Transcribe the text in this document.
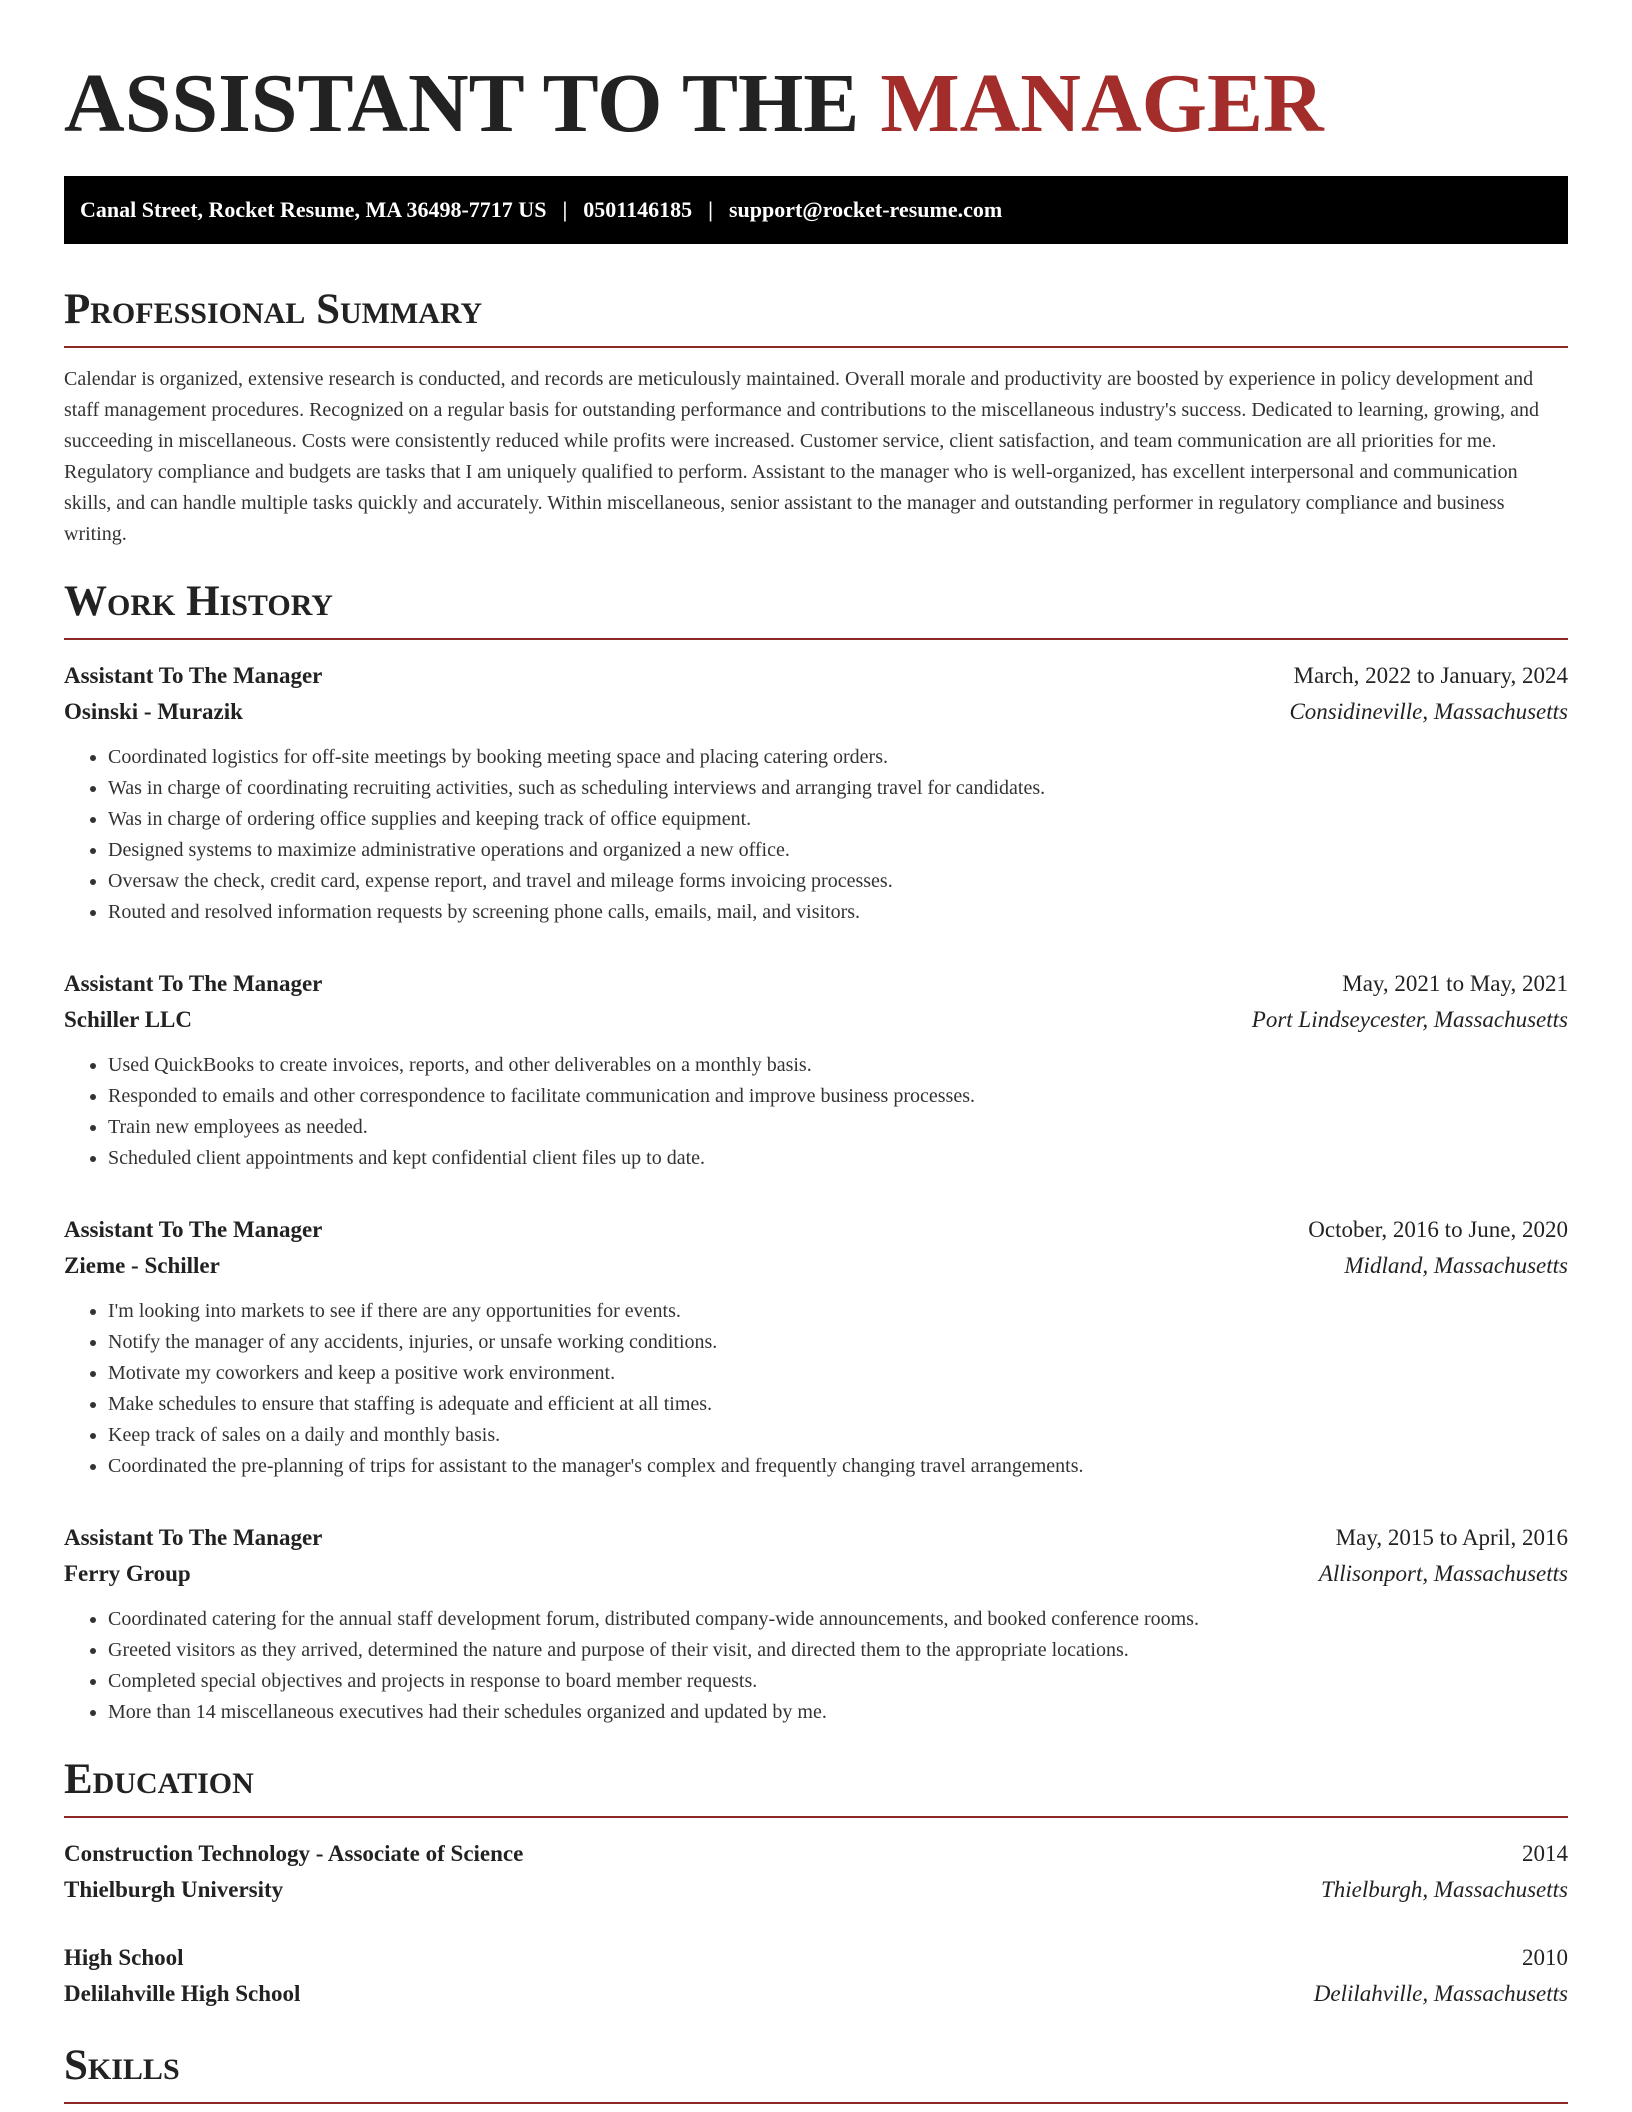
ASSISTANT TO THE MANAGER
Canal Street, Rocket Resume, MA 36498-7717 US | 0501146185 | support@rocket-resume.com
Professional Summary
Calendar is organized, extensive research is conducted, and records are meticulously maintained. Overall morale and productivity are boosted by experience in policy development and staff management procedures. Recognized on a regular basis for outstanding performance and contributions to the miscellaneous industry's success. Dedicated to learning, growing, and succeeding in miscellaneous. Costs were consistently reduced while profits were increased. Customer service, client satisfaction, and team communication are all priorities for me. Regulatory compliance and budgets are tasks that I am uniquely qualified to perform. Assistant to the manager who is well-organized, has excellent interpersonal and communication skills, and can handle multiple tasks quickly and accurately. Within miscellaneous, senior assistant to the manager and outstanding performer in regulatory compliance and business writing.
Work History
Assistant To The Manager	March, 2022 to January, 2024
Osinski - Murazik	Considineville, Massachusetts
• Coordinated logistics for off-site meetings by booking meeting space and placing catering orders.
• Was in charge of coordinating recruiting activities, such as scheduling interviews and arranging travel for candidates.
• Was in charge of ordering office supplies and keeping track of office equipment.
• Designed systems to maximize administrative operations and organized a new office.
• Oversaw the check, credit card, expense report, and travel and mileage forms invoicing processes.
• Routed and resolved information requests by screening phone calls, emails, mail, and visitors.
Assistant To The Manager	May, 2021 to May, 2021
Schiller LLC	Port Lindseycester, Massachusetts
• Used QuickBooks to create invoices, reports, and other deliverables on a monthly basis.
• Responded to emails and other correspondence to facilitate communication and improve business processes.
• Train new employees as needed.
• Scheduled client appointments and kept confidential client files up to date.
Assistant To The Manager	October, 2016 to June, 2020
Zieme - Schiller	Midland, Massachusetts
• I'm looking into markets to see if there are any opportunities for events.
• Notify the manager of any accidents, injuries, or unsafe working conditions.
• Motivate my coworkers and keep a positive work environment.
• Make schedules to ensure that staffing is adequate and efficient at all times.
• Keep track of sales on a daily and monthly basis.
• Coordinated the pre-planning of trips for assistant to the manager's complex and frequently changing travel arrangements.
Assistant To The Manager	May, 2015 to April, 2016
Ferry Group	Allisonport, Massachusetts
• Coordinated catering for the annual staff development forum, distributed company-wide announcements, and booked conference rooms.
• Greeted visitors as they arrived, determined the nature and purpose of their visit, and directed them to the appropriate locations.
• Completed special objectives and projects in response to board member requests.
• More than 14 miscellaneous executives had their schedules organized and updated by me.
Education
Construction Technology - Associate of Science	2014
Thielburgh University	Thielburgh, Massachusetts
High School	2010
Delilahville High School	Delilahville, Massachusetts
Skills
